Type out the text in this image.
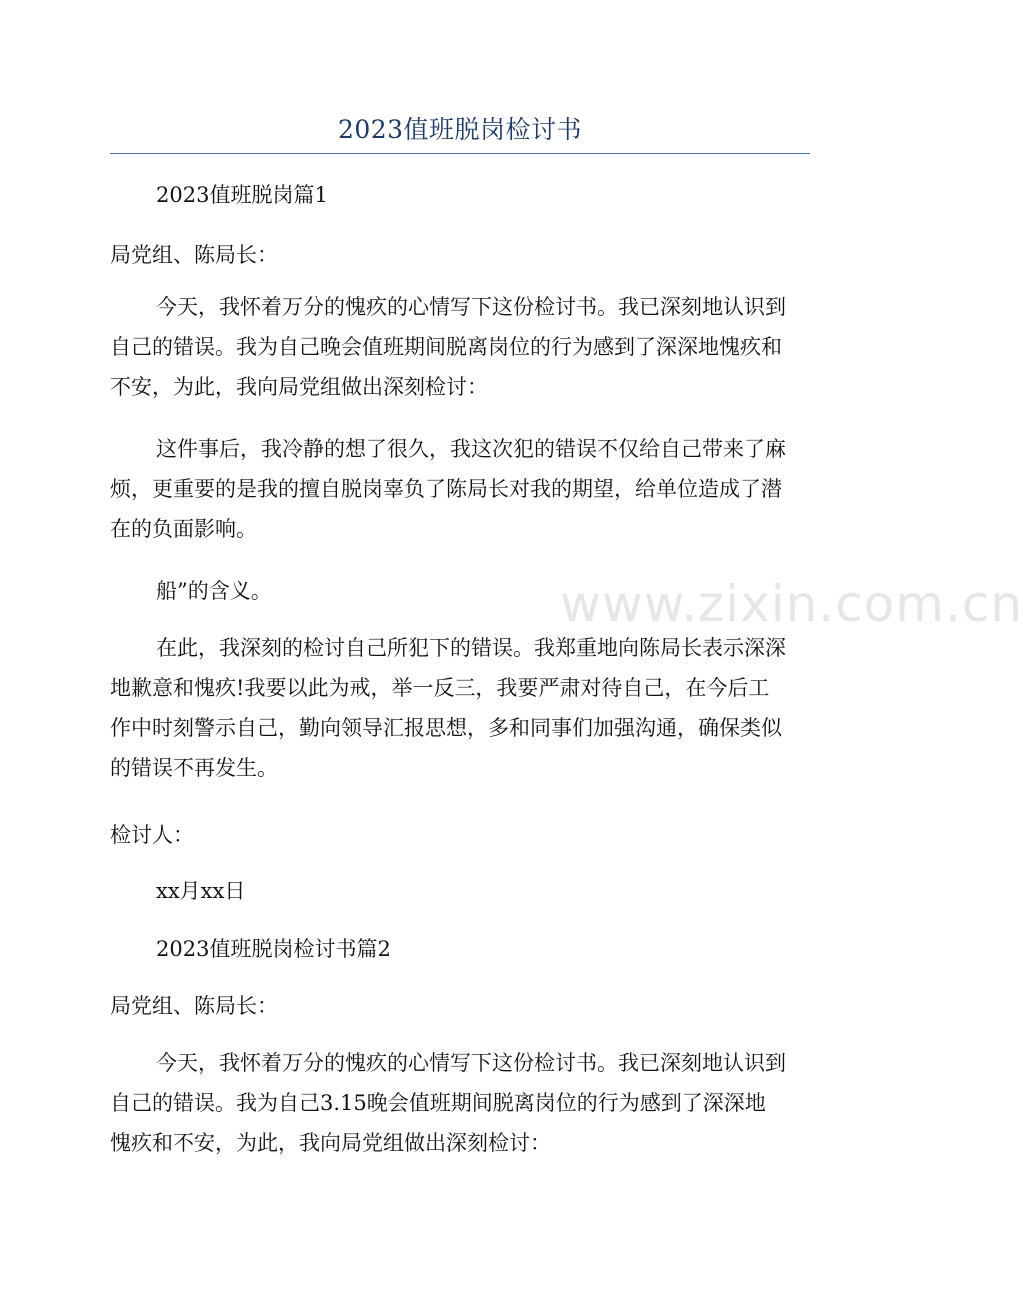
www.zixin.com.cn
2023值班脱岗检讨书

2023值班脱岗篇1

局党组、陈局长：

今天，我怀着万分的愧疚的心情写下这份检讨书。我已深刻地认识到
自己的错误。我为自己晚会值班期间脱离岗位的行为感到了深深地愧疚和
不安，为此，我向局党组做出深刻检讨：

这件事后，我冷静的想了很久，我这次犯的错误不仅给自己带来了麻
烦，更重要的是我的擅自脱岗辜负了陈局长对我的期望，给单位造成了潜
在的负面影响。

船”的含义。

在此，我深刻的检讨自己所犯下的错误。我郑重地向陈局长表示深深
地歉意和愧疚!我要以此为戒，举一反三，我要严肃对待自己，在今后工
作中时刻警示自己，勤向领导汇报思想，多和同事们加强沟通，确保类似
的错误不再发生。

检讨人：

xx月xx日

2023值班脱岗检讨书篇2

局党组、陈局长：

今天，我怀着万分的愧疚的心情写下这份检讨书。我已深刻地认识到
自己的错误。我为自己3.15晚会值班期间脱离岗位的行为感到了深深地
愧疚和不安，为此，我向局党组做出深刻检讨：
